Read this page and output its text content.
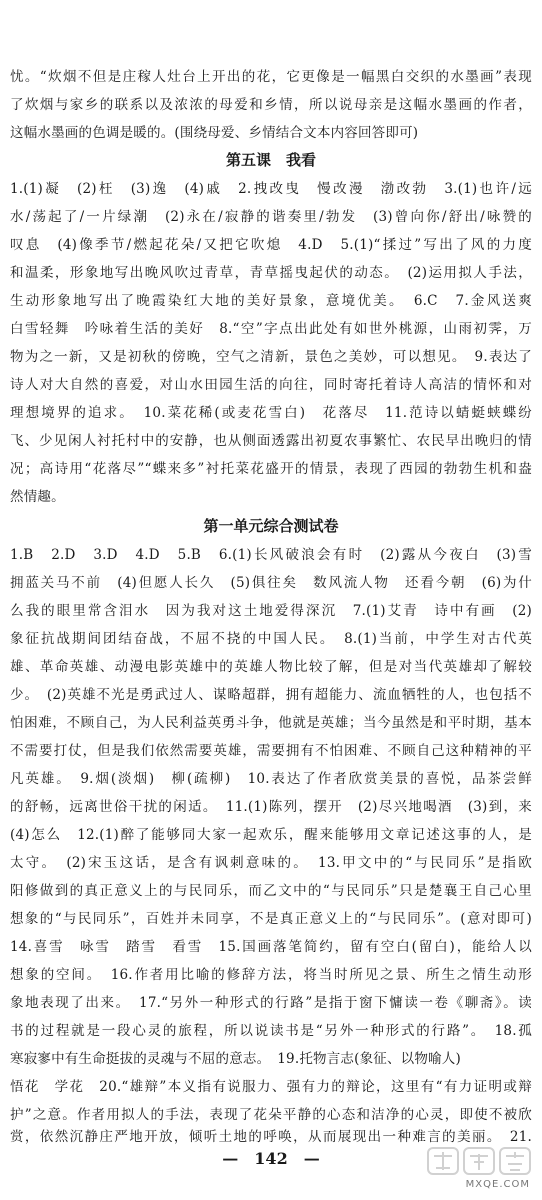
忧。“炊烟不但是庄稼人灶台上开出的花，它更像是一幅黑白交织的水墨画”表现
了炊烟与家乡的联系以及浓浓的母爱和乡情，所以说母亲是这幅水墨画的作者，
这幅水墨画的色调是暖的。(围绕母爱、乡情结合文本内容回答即可)
第五课　我看
1.(1)凝　(2)枉　(3)逸　(4)戚　2.拽改曳　慢改漫　渤改勃　3.(1)也许/远
水/荡起了/一片绿潮　(2)永在/寂静的谐奏里/勃发　(3)曾向你/舒出/咏赞的
叹息　(4)像季节/燃起花朵/又把它吹熄　4.D　5.(1)“揉过”写出了风的力度
和温柔，形象地写出晚风吹过青草，青草摇曳起伏的动态。　(2)运用拟人手法，
生动形象地写出了晚霞染红大地的美好景象，意境优美。　6.C　7.金风送爽
白雪轻舞　吟咏着生活的美好　8.“空”字点出此处有如世外桃源，山雨初霁，万
物为之一新，又是初秋的傍晚，空气之清新，景色之美妙，可以想见。　9.表达了
诗人对大自然的喜爱，对山水田园生活的向往，同时寄托着诗人高洁的情怀和对
理想境界的追求。　10.菜花稀(或麦花雪白)　花落尽　11.范诗以蜻蜓蛱蝶纷
飞、少见闲人衬托村中的安静，也从侧面透露出初夏农事繁忙、农民早出晚归的情
况；高诗用“花落尽”“蝶来多”衬托菜花盛开的情景，表现了西园的勃勃生机和盎
然情趣。
第一单元综合测试卷
1.B　2.D　3.D　4.D　5.B　6.(1)长风破浪会有时　(2)露从今夜白　(3)雪
拥蓝关马不前　(4)但愿人长久　(5)俱往矣　数风流人物　还看今朝　(6)为什
么我的眼里常含泪水　因为我对这土地爱得深沉　7.(1)艾青　诗中有画　(2)
象征抗战期间团结奋战，不屈不挠的中国人民。　8.(1)当前，中学生对古代英
雄、革命英雄、动漫电影英雄中的英雄人物比较了解，但是对当代英雄却了解较
少。　(2)英雄不光是勇武过人、谋略超群，拥有超能力、流血牺牲的人，也包括不
怕困难，不顾自己，为人民利益英勇斗争，他就是英雄；当今虽然是和平时期，基本
不需要打仗，但是我们依然需要英雄，需要拥有不怕困难、不顾自己这种精神的平
凡英雄。　9.烟(淡烟)　柳(疏柳)　10.表达了作者欣赏美景的喜悦，品茶尝鲜
的舒畅，远离世俗干扰的闲适。　11.(1)陈列，摆开　(2)尽兴地喝酒　(3)到，来
(4)怎么　12.(1)醉了能够同大家一起欢乐，醒来能够用文章记述这事的人，是
太守。　(2)宋玉这话，是含有讽刺意味的。　13.甲文中的“与民同乐”是指欧
阳修做到的真正意义上的与民同乐，而乙文中的“与民同乐”只是楚襄王自己心里
想象的“与民同乐”，百姓并未同享，不是真正意义上的“与民同乐”。(意对即可)
14.喜雪　咏雪　踏雪　看雪　15.国画落笔简约，留有空白(留白)，能给人以
想象的空间。　16.作者用比喻的修辞方法，将当时所见之景、所生之情生动形
象地表现了出来。　17.“另外一种形式的行路”是指于窗下慵读一卷《聊斋》。读
书的过程就是一段心灵的旅程，所以说读书是“另外一种形式的行路”。　18.孤
寒寂寥中有生命挺拔的灵魂与不屈的意志。　19.托物言志(象征、以物喻人)
悟花　学花　20.“雄辩”本义指有说服力、强有力的辩论，这里有“有力证明或辩
护”之意。作者用拟人的手法，表现了花朵平静的心态和洁净的心灵，即使不被欣
赏，依然沉静庄严地开放，倾听土地的呼唤，从而展现出一种难言的美丽。　21.
—　142　—
MXQE.COM
